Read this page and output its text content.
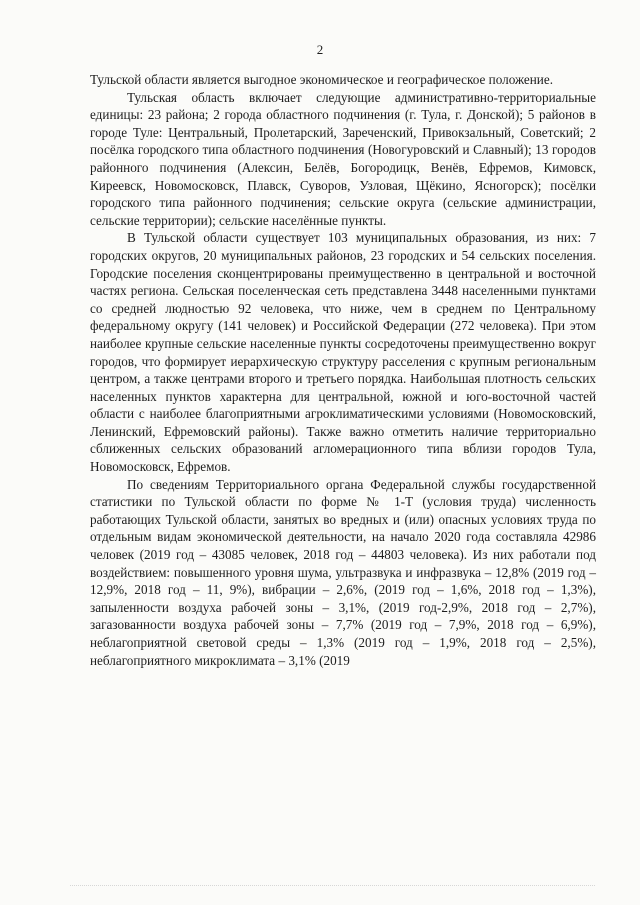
2

Тульской области является выгодное экономическое и географическое положение.

Тульская область включает следующие административно-территориальные единицы: 23 района; 2 города областного подчинения (г. Тула, г. Донской); 5 районов в городе Туле: Центральный, Пролетарский, Зареченский, Привокзальный, Советский; 2 посёлка городского типа областного подчинения (Новогуровский и Славный); 13 городов районного подчинения (Алексин, Белёв, Богородицк, Венёв, Ефремов, Кимовск, Киреевск, Новомосковск, Плавск, Суворов, Узловая, Щёкино, Ясногорск); посёлки городского типа районного подчинения; сельские округа (сельские администрации, сельские территории); сельские населённые пункты.

В Тульской области существует 103 муниципальных образования, из них: 7 городских округов, 20 муниципальных районов, 23 городских и 54 сельских поселения. Городские поселения сконцентрированы преимущественно в центральной и восточной частях региона. Сельская поселенческая сеть представлена 3448 населенными пунктами со средней людностью 92 человека, что ниже, чем в среднем по Центральному федеральному округу (141 человек) и Российской Федерации (272 человека). При этом наиболее крупные сельские населенные пункты сосредоточены преимущественно вокруг городов, что формирует иерархическую структуру расселения с крупным региональным центром, а также центрами второго и третьего порядка. Наибольшая плотность сельских населенных пунктов характерна для центральной, южной и юго-восточной частей области с наиболее благоприятными агроклиматическими условиями (Новомосковский, Ленинский, Ефремовский районы). Также важно отметить наличие территориально сближенных сельских образований агломерационного типа вблизи городов Тула, Новомосковск, Ефремов.

По сведениям Территориального органа Федеральной службы государственной статистики по Тульской области по форме № 1-Т (условия труда) численность работающих Тульской области, занятых во вредных и (или) опасных условиях труда по отдельным видам экономической деятельности, на начало 2020 года составляла 42986 человек (2019 год – 43085 человек, 2018 год – 44803 человека). Из них работали под воздействием: повышенного уровня шума, ультразвука и инфразвука – 12,8% (2019 год – 12,9%, 2018 год – 11, 9%), вибрации – 2,6%, (2019 год – 1,6%, 2018 год – 1,3%), запыленности воздуха рабочей зоны – 3,1%, (2019 год-2,9%, 2018 год – 2,7%), загазованности воздуха рабочей зоны – 7,7% (2019 год – 7,9%, 2018 год – 6,9%), неблагоприятной световой среды – 1,3% (2019 год – 1,9%, 2018 год – 2,5%), неблагоприятного микроклимата – 3,1% (2019
